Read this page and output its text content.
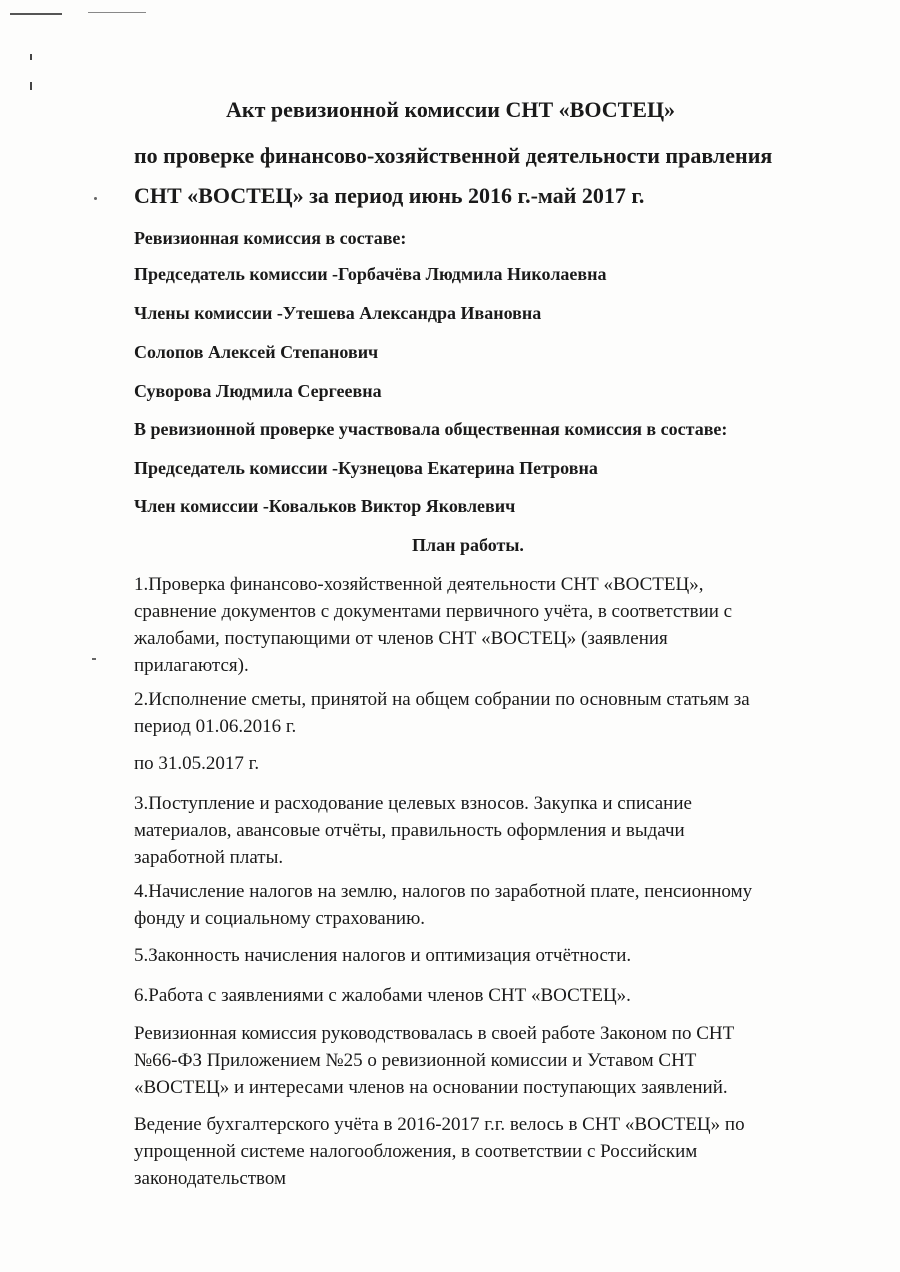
Акт ревизионной комиссии СНТ «ВОСТЕЦ»

по проверке финансово-хозяйственной деятельности правления

СНТ «ВОСТЕЦ» за период июнь 2016 г.-май 2017 г.

Ревизионная комиссия в составе:

Председатель комиссии -Горбачёва Людмила Николаевна

Члены комиссии -Утешева Александра Ивановна

Солопов Алексей Степанович

Суворова Людмила Сергеевна

В ревизионной проверке участвовала общественная комиссия в составе:

Председатель комиссии -Кузнецова Екатерина Петровна

Член комиссии -Ковальков Виктор Яковлевич

План работы.

1.Проверка финансово-хозяйственной деятельности СНТ «ВОСТЕЦ»,
сравнение документов с документами первичного учёта, в соответствии с
жалобами, поступающими от членов СНТ «ВОСТЕЦ» (заявления
прилагаются).
2.Исполнение сметы, принятой на общем собрании по основным статьям за
период 01.06.2016 г.

по 31.05.2017 г.

3.Поступление и расходование целевых взносов. Закупка и списание
материалов, авансовые отчёты, правильность оформления и выдачи
заработной платы.
4.Начисление налогов на землю, налогов по заработной плате, пенсионному
фонду и социальному страхованию.

5.Законность начисления налогов и оптимизация отчётности.

6.Работа с заявлениями с жалобами членов СНТ «ВОСТЕЦ».

Ревизионная комиссия руководствовалась в своей работе Законом по СНТ
№66-ФЗ Приложением №25 о ревизионной комиссии и Уставом СНТ
«ВОСТЕЦ» и интересами членов на основании поступающих заявлений.
Ведение бухгалтерского учёта в 2016-2017 г.г. велось в СНТ «ВОСТЕЦ» по
упрощенной системе налогообложения, в соответствии с Российским
законодательством
